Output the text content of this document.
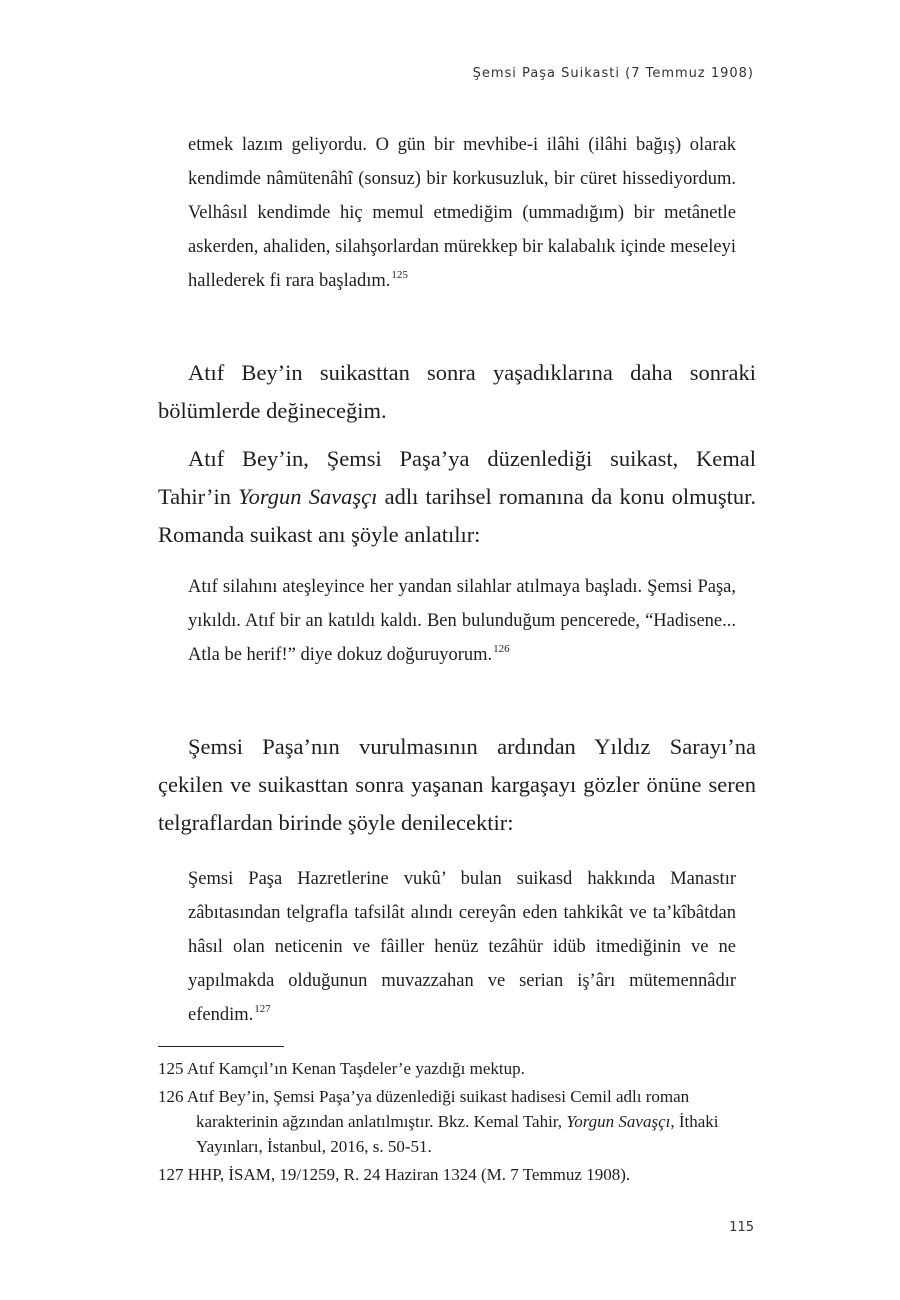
Şemsi Paşa Suikasti (7 Temmuz 1908)

etmek lazım geliyordu. O gün bir mevhibe-i ilâhi (ilâhi bağış) olarak kendimde nâmütenâhî (sonsuz) bir korkusuzluk, bir cüret hissediyordum. Velhâsıl kendimde hiç memul etmediğim (ummadığım) bir metânetle askerden, ahaliden, silahşorlardan mürekkep bir kalabalık içinde meseleyi hallederek fi rara başladım.$^{125}$

Atıf Bey’in suikasttan sonra yaşadıklarına daha sonraki bölümlerde değineceğim.

Atıf Bey’in, Şemsi Paşa’ya düzenlediği suikast, Kemal Tahir’in Yorgun Savaşçı adlı tarihsel romanına da konu olmuştur. Romanda suikast anı şöyle anlatılır:

Atıf silahını ateşleyince her yandan silahlar atılmaya başladı. Şemsi Paşa, yıkıldı. Atıf bir an katıldı kaldı. Ben bulunduğum pencerede, “Hadisene... Atla be herif!” diye dokuz doğuruyorum.$^{126}$

Şemsi Paşa’nın vurulmasının ardından Yıldız Sarayı’na çekilen ve suikasttan sonra yaşanan kargaşayı gözler önüne seren telgraflardan birinde şöyle denilecektir:

Şemsi Paşa Hazretlerine vukû’ bulan suikasd hakkında Manastır zâbıtasından telgrafla tafsilât alındı cereyân eden tahkikât ve ta’kîbâtdan hâsıl olan neticenin ve fâiller henüz tezâhür idüb itmediğinin ve ne yapılmakda olduğunun muvazzahan ve serian iş’ârı mütemennâdır efendim.$^{127}$

125 Atıf Kamçıl’ın Kenan Taşdeler’e yazdığı mektup.

126 Atıf Bey’in, Şemsi Paşa’ya düzenlediği suikast hadisesi Cemil adlı roman karakterinin ağzından anlatılmıştır. Bkz. Kemal Tahir, Yorgun Savaşçı, İthaki Yayınları, İstanbul, 2016, s. 50-51.

127 HHP, İSAM, 19/1259, R. 24 Haziran 1324 (M. 7 Temmuz 1908).

115
